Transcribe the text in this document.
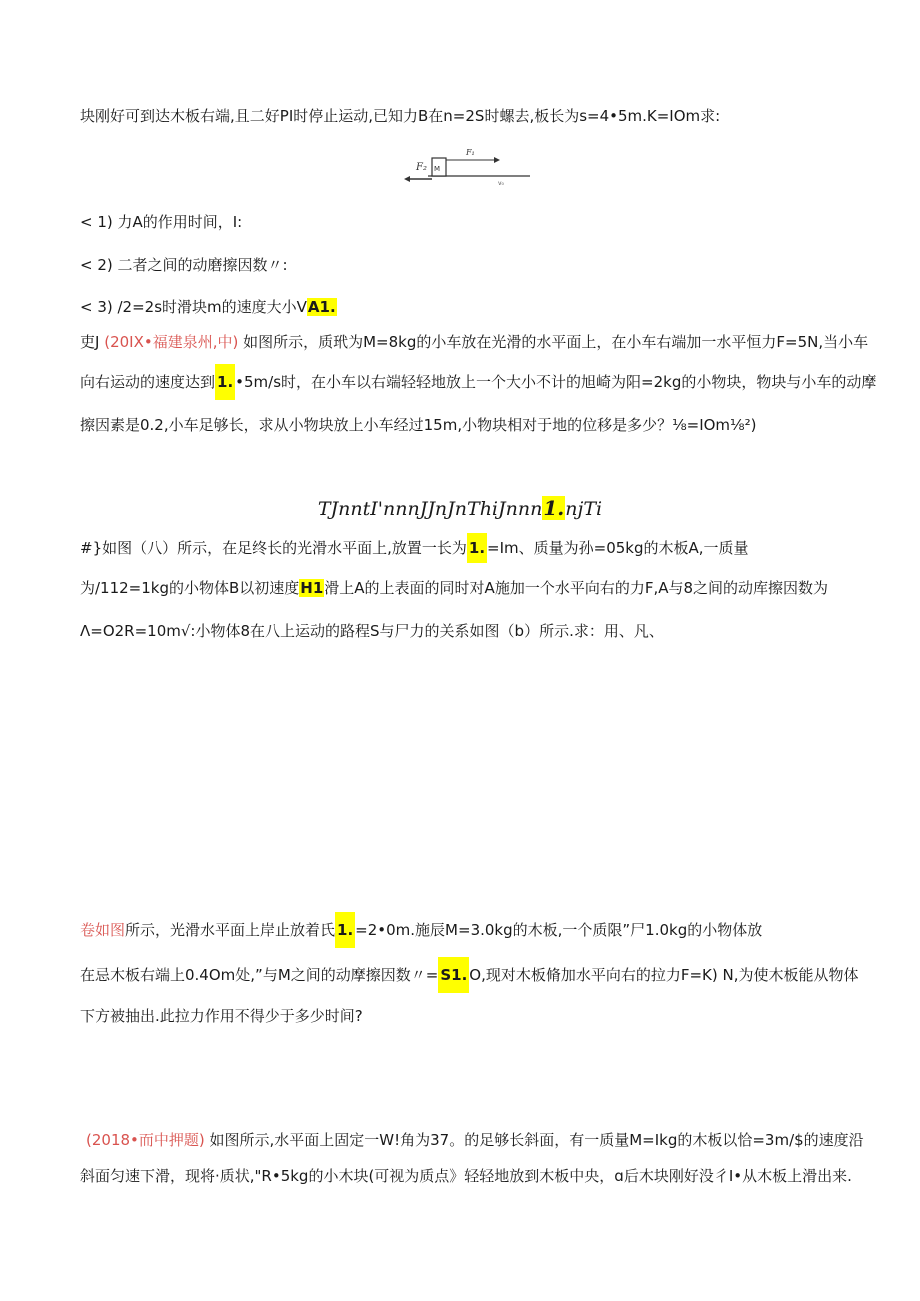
块刚好可到达木板右端,且二好PI时停止运动,已知力B在n=2S时螺去,板长为s=4•5m.K=IOm求:
M
F₁
F₂
v₀
< 1) 力A的作用时间，I:
< 2) 二者之间的动磨擦因数〃:
< 3) /2=2s时滑块m的速度大小VA1.
吏J (20IX•福建泉州,中) 如图所示，质玳为M=8kg的小车放在光滑的水平面上，在小车右端加一水平恒力F=5N,当小车
向右运动的速度达到 1. •5m/s时，在小车以右端轻轻地放上一个大小不计的旭崎为阳=2kg的小物块，物块与小车的动摩
擦因素是0.2,小车足够长，求从小物块放上小车经过15m,小物块相对于地的位移是多少？⅛=IOm⅛²)
TJnntI'nnnJJnJnThiJnnn1.njTi
#}如图（八）所示，在足终长的光滑水平面上,放置一长为 1. =Im、质量为孙=05kg的木板A,一质量
为/112=1kg的小物体B以初速度H1滑上A的上表面的同时对A施加一个水平向右的力F,A与8之间的动库擦因数为
Λ=O2R=10m√:小物体8在八上运动的路程S与尸力的关系如图（b）所示.求：用、凡、
卷如图所示，光滑水平面上岸止放着氏 1. =2•0m.施辰M=3.0kg的木板,一个质限”尸1.0kg的小物体放
在忌木板右端上0.4Om处,”与M之间的动摩擦因数〃= S1. O,现对木板脩加水平向右的拉力F=K) N,为使木板能从物体
下方被抽出.此拉力作用不得少于多少时间?
(2018•而中押题) 如图所示,水平面上固定一W!角为37。的足够长斜面，有一质量M=Ikg的木板以恰=3m/$的速度沿
斜面匀速下滑，现将·质状,"R•5kg的小木块(可视为质点》轻轻地放到木板中央，ɑ后木块刚好没彳I•从木板上滑出来.
